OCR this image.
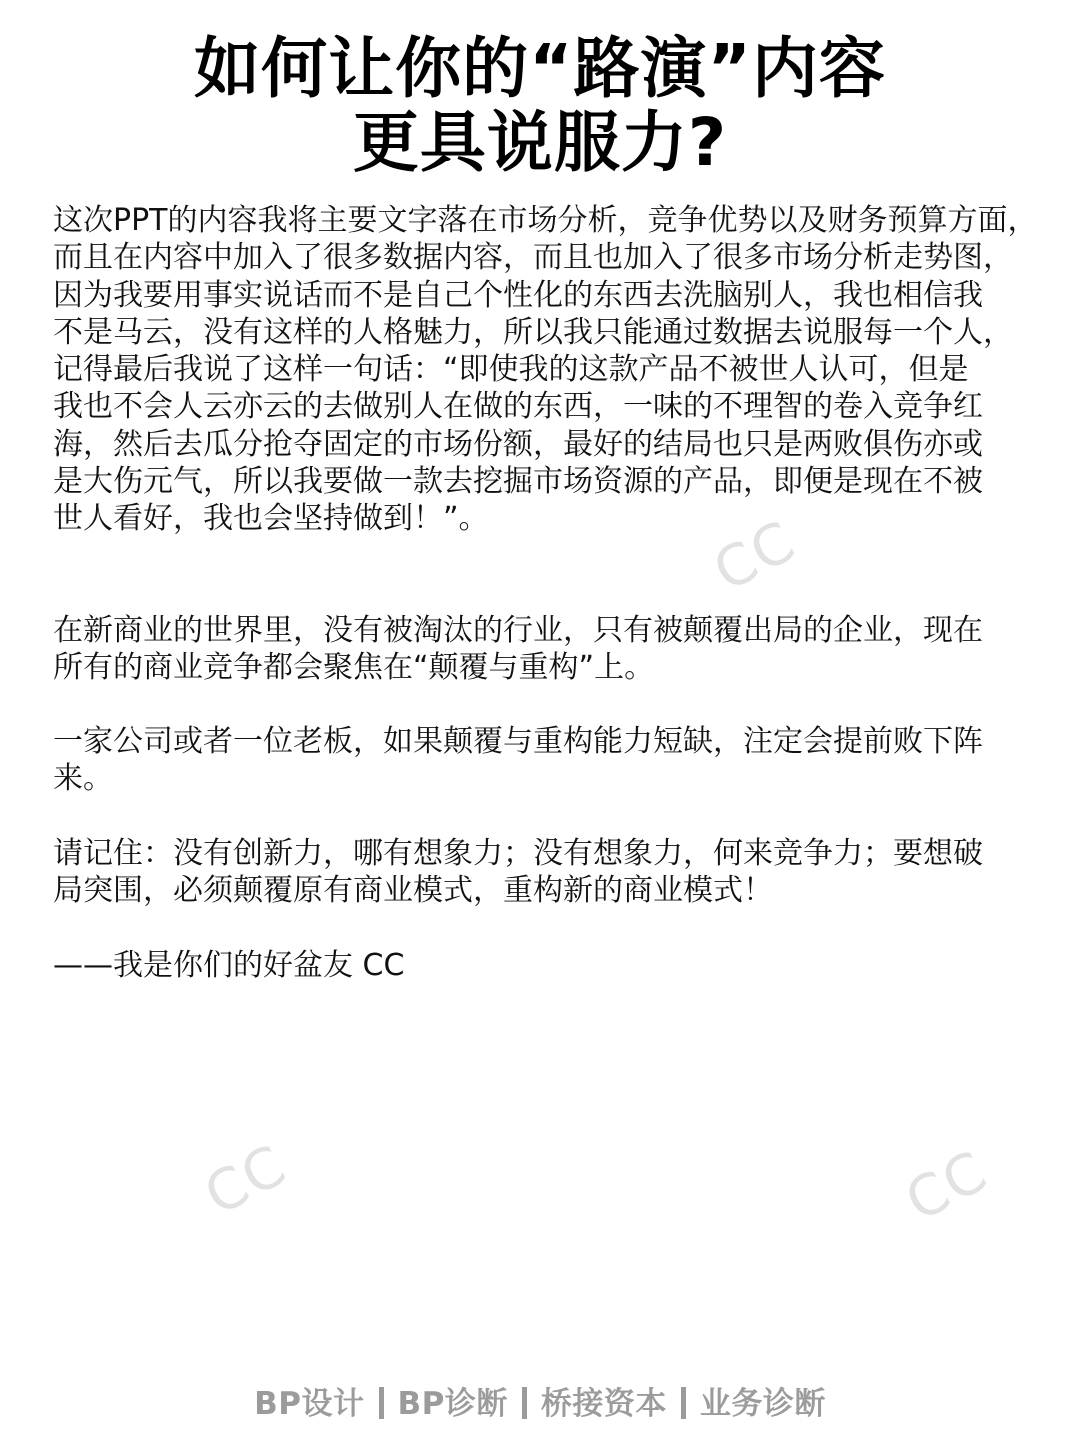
如何让你的“路演”内容
更具说服力?

这次PPT的内容我将主要文字落在市场分析，竞争优势以及财务预算方面，

而且在内容中加入了很多数据内容，而且也加入了很多市场分析走势图，

因为我要用事实说话而不是自己个性化的东西去洗脑别人，我也相信我

不是马云，没有这样的人格魅力，所以我只能通过数据去说服每一个人，

记得最后我说了这样一句话：“即使我的这款产品不被世人认可，但是

我也不会人云亦云的去做别人在做的东西，一味的不理智的卷入竞争红

海，然后去瓜分抢夺固定的市场份额，最好的结局也只是两败俱伤亦或

是大伤元气，所以我要做一款去挖掘市场资源的产品，即便是现在不被

世人看好，我也会坚持做到！”。

在新商业的世界里，没有被淘汰的行业，只有被颠覆出局的企业，现在

所有的商业竞争都会聚焦在“颠覆与重构”上。

一家公司或者一位老板，如果颠覆与重构能力短缺，注定会提前败下阵

来。

请记住：没有创新力，哪有想象力；没有想象力，何来竞争力；要想破

局突围，必须颠覆原有商业模式，重构新的商业模式！

——我是你们的好盆友 CC

CC
CC	CC
BP设计 BP诊断 桥接资本 业务诊断
